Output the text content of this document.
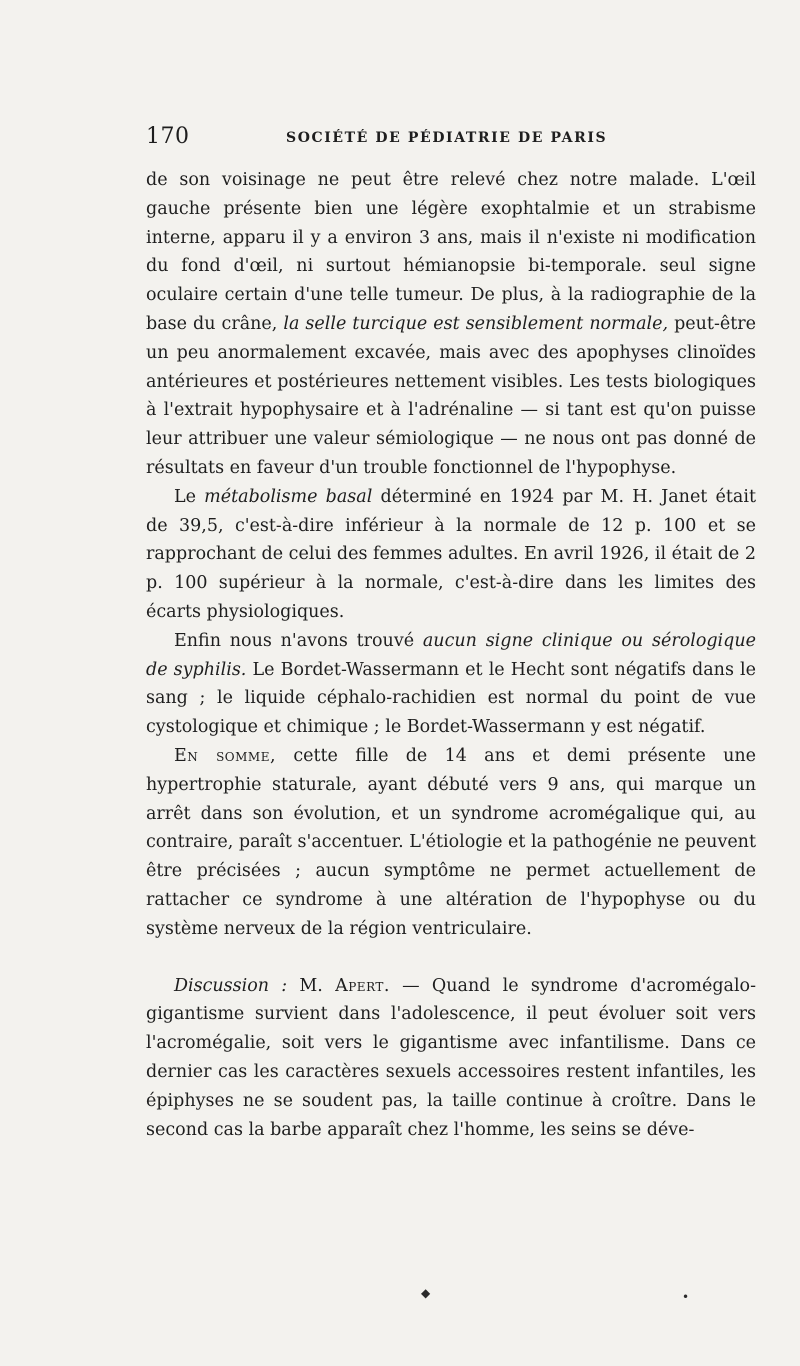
170	SOCIÉTÉ DE PÉDIATRIE DE PARIS

de son voisinage ne peut être relevé chez notre malade. L'œil gauche présente bien une légère exophtalmie et un strabisme interne, apparu il y a environ 3 ans, mais il n'existe ni modification du fond d'œil, ni surtout hémianopsie bi-temporale. seul signe oculaire certain d'une telle tumeur. De plus, à la radiographie de la base du crâne, la selle turcique est sensiblement normale, peut-être un peu anormalement excavée, mais avec des apophyses clinoïdes antérieures et postérieures nettement visibles. Les tests biologiques à l'extrait hypophysaire et à l'adrénaline — si tant est qu'on puisse leur attribuer une valeur sémiologique — ne nous ont pas donné de résultats en faveur d'un trouble fonctionnel de l'hypophyse.

Le métabolisme basal déterminé en 1924 par M. H. Janet était de 39,5, c'est-à-dire inférieur à la normale de 12 p. 100 et se rapprochant de celui des femmes adultes. En avril 1926, il était de 2 p. 100 supérieur à la normale, c'est-à-dire dans les limites des écarts physiologiques.

Enfin nous n'avons trouvé aucun signe clinique ou sérologique de syphilis. Le Bordet-Wassermann et le Hecht sont négatifs dans le sang ; le liquide céphalo-rachidien est normal du point de vue cystologique et chimique ; le Bordet-Wassermann y est négatif.

En somme, cette fille de 14 ans et demi présente une hypertrophie staturale, ayant débuté vers 9 ans, qui marque un arrêt dans son évolution, et un syndrome acromégalique qui, au contraire, paraît s'accentuer. L'étiologie et la pathogénie ne peuvent être précisées ; aucun symptôme ne permet actuellement de rattacher ce syndrome à une altération de l'hypophyse ou du système nerveux de la région ventriculaire.

Discussion : M. Apert. — Quand le syndrome d'acromégalo-gigantisme survient dans l'adolescence, il peut évoluer soit vers l'acromégalie, soit vers le gigantisme avec infantilisme. Dans ce dernier cas les caractères sexuels accessoires restent infantiles, les épiphyses ne se soudent pas, la taille continue à croître. Dans le second cas la barbe apparaît chez l'homme, les seins se déve-

◆	•
